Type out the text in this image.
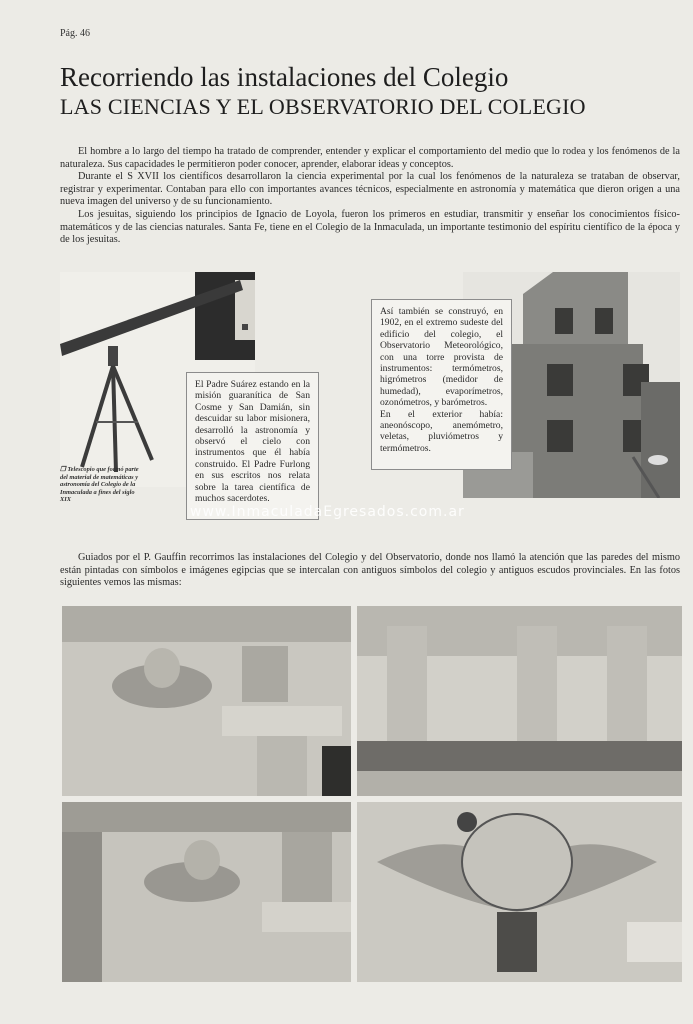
Pág. 46
Recorriendo las instalaciones del Colegio
LAS CIENCIAS Y EL OBSERVATORIO DEL COLEGIO

El hombre a lo largo del tiempo ha tratado de comprender, entender y explicar el comportamiento del medio que lo rodea y los fenómenos de la naturaleza. Sus capacidades le permitieron poder conocer, aprender, elaborar ideas y conceptos.

Durante el S XVII los científicos desarrollaron la ciencia experimental por la cual los fenómenos de la naturaleza se trataban de observar, registrar y experimentar. Contaban para ello con importantes avances técnicos, especialmente en astronomía y matemática que dieron origen a una nueva imagen del universo y de su funcionamiento.

Los jesuitas, siguiendo los principios de Ignacio de Loyola, fueron los primeros en estudiar, transmitir y enseñar los conocimientos físico-matemáticos y de las ciencias naturales. Santa Fe, tiene en el Colegio de la Inmaculada, un importante testimonio del espíritu científico de la época y de los jesuitas.

❒ Telescopio que formó parte del material de matemáticas y astronomía del Colegio de la Inmaculada a fines del siglo XIX
El Padre Suárez estando en la misión guaranítica de San Cosme y San Damián, sin descuidar su labor misionera, desarrolló la astronomía y observó el cielo con instrumentos que él había construido. El Padre Furlong en sus escritos nos relata sobre la tarea científica de muchos sacerdotes.
Así también se construyó, en 1902, en el extremo sudeste del edificio del colegio, el Observatorio Meteorológico, con una torre provista de instrumentos: termómetros, higrómetros (medidor de humedad), evaporímetros, ozonómetros, y barómetros.
En el exterior había: aneonóscopo, anemómetro, veletas, pluviómetros y termómetros.
www.InmaculadaEgresados.com.ar

Guiados por el P. Gauffin recorrimos las instalaciones del Colegio y del Observatorio, donde nos llamó la atención que las paredes del mismo están pintadas con símbolos e imágenes egipcias que se intercalan con antiguos símbolos del colegio y antiguos escudos provinciales. En las fotos siguientes vemos las mismas:
